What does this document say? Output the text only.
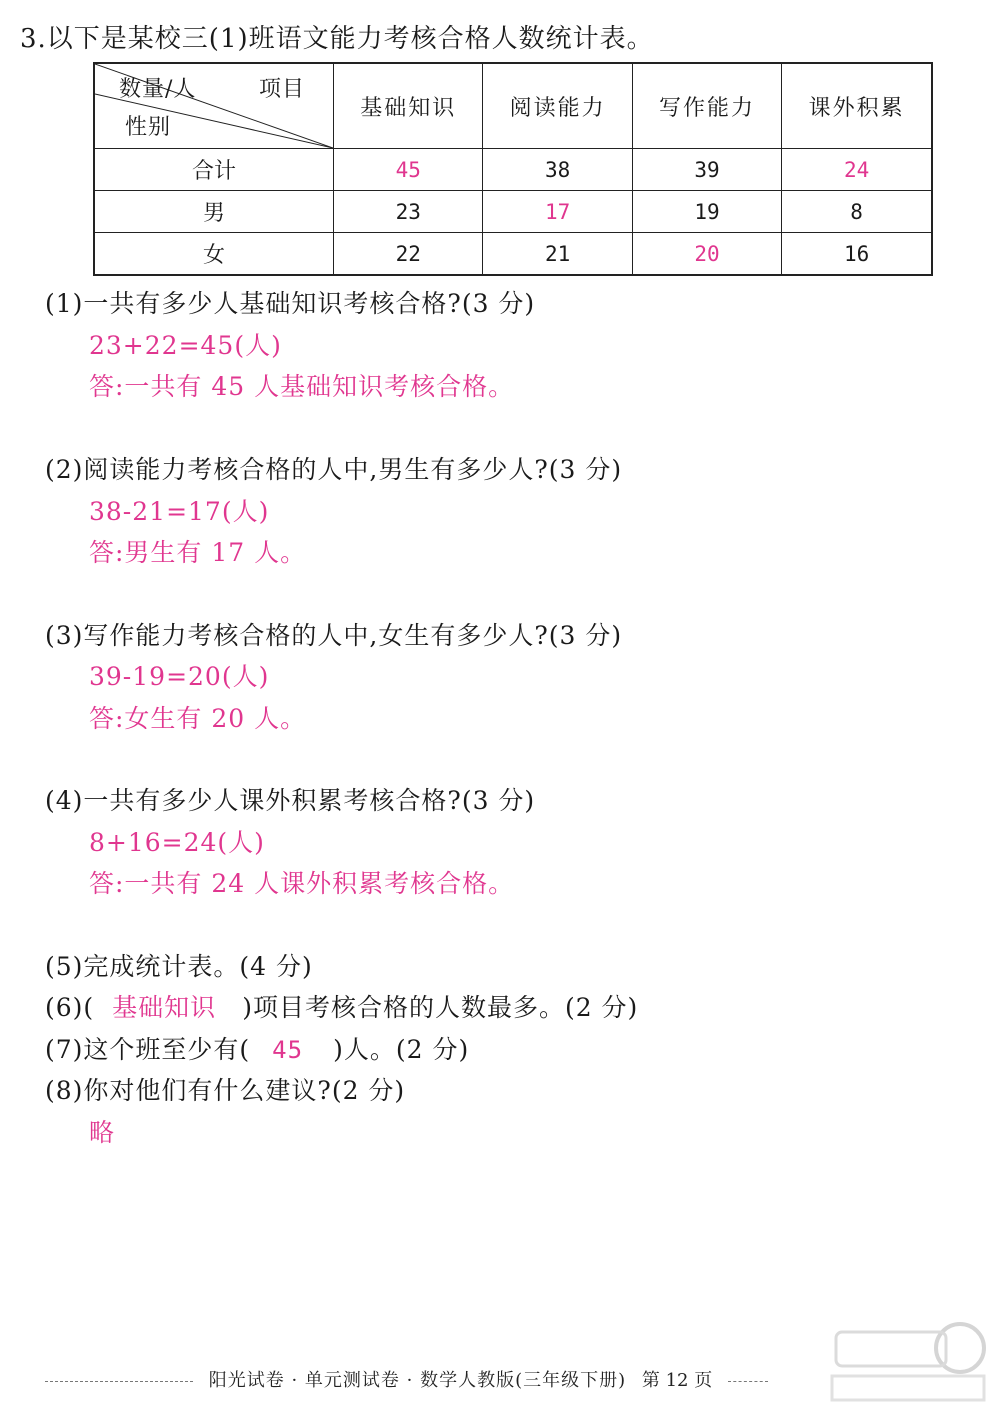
3.以下是某校三(1)班语文能力考核合格人数统计表。
数量/人 项目
性别	基础知识	阅读能力	写作能力	课外积累
合计	45	38	39	24
男	23	17	19	8
女	22	21	20	16
(1)一共有多少人基础知识考核合格?(3 分)
23+22=45(人)
答:一共有 45 人基础知识考核合格。
(2)阅读能力考核合格的人中,男生有多少人?(3 分)
38-21=17(人)
答:男生有 17 人。
(3)写作能力考核合格的人中,女生有多少人?(3 分)
39-19=20(人)
答:女生有 20 人。
(4)一共有多少人课外积累考核合格?(3 分)
8+16=24(人)
答:一共有 24 人课外积累考核合格。
(5)完成统计表。(4 分)
(6)( 基础知识 )项目考核合格的人数最多。(2 分)
(7)这个班至少有( 45 )人。(2 分)
(8)你对他们有什么建议?(2 分)
略
阳光试卷 · 单元测试卷 · 数学人教版(三年级下册) 第 12 页
